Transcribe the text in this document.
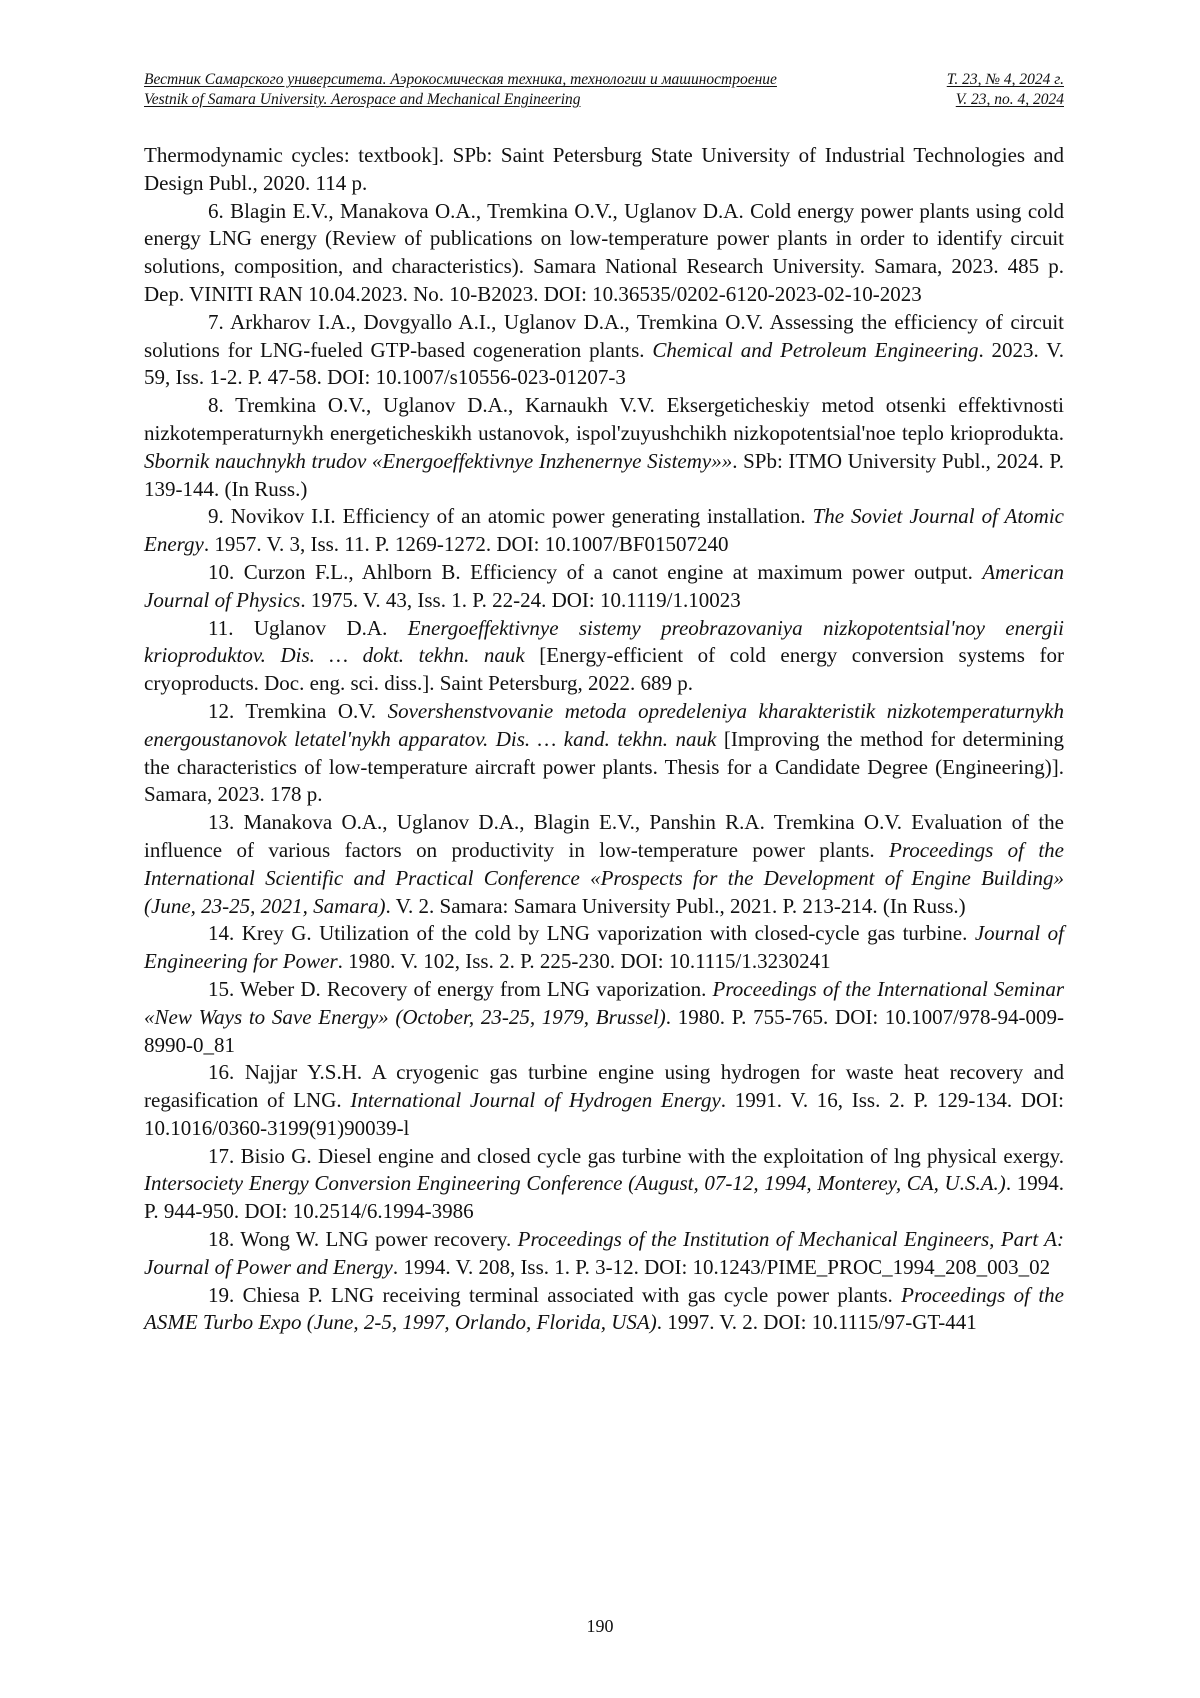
Вестник Самарского университета. Аэрокосмическая техника, технологии и машиностроение	Т. 23, № 4, 2024 г.
Vestnik of Samara University. Aerospace and Mechanical Engineering	V. 23, no. 4, 2024

Thermodynamic cycles: textbook]. SPb: Saint Petersburg State University of Industrial Technologies and Design Publ., 2020. 114 p.

6. Blagin E.V., Manakova O.A., Tremkina O.V., Uglanov D.A. Cold energy power plants using cold energy LNG energy (Review of publications on low-temperature power plants in order to identify circuit solutions, composition, and characteristics). Samara National Research University. Samara, 2023. 485 p. Dep. VINITI RAN 10.04.2023. No. 10-B2023. DOI: 10.36535/0202-6120-2023-02-10-2023

7. Arkharov I.A., Dovgyallo A.I., Uglanov D.A., Tremkina O.V. Assessing the efficiency of circuit solutions for LNG-fueled GTP-based cogeneration plants. Chemical and Petroleum Engineering. 2023. V. 59, Iss. 1-2. P. 47-58. DOI: 10.1007/s10556-023-01207-3

8. Tremkina O.V., Uglanov D.A., Karnaukh V.V. Eksergeticheskiy metod otsenki effektivnosti nizkotemperaturnykh energeticheskikh ustanovok, ispol'zuyushchikh nizkopotentsial'noe teplo krioprodukta. Sbornik nauchnykh trudov «Energoeffektivnye Inzhenernye Sistemy»». SPb: ITMO University Publ., 2024. P. 139-144. (In Russ.)

9. Novikov I.I. Efficiency of an atomic power generating installation. The Soviet Journal of Atomic Energy. 1957. V. 3, Iss. 11. P. 1269-1272. DOI: 10.1007/BF01507240

10. Curzon F.L., Ahlborn B. Efficiency of a canot engine at maximum power output. American Journal of Physics. 1975. V. 43, Iss. 1. P. 22-24. DOI: 10.1119/1.10023

11. Uglanov D.A. Energoeffektivnye sistemy preobrazovaniya nizkopotentsial'noy energii krioproduktov. Dis. … dokt. tekhn. nauk [Energy-efficient of cold energy conversion systems for cryoproducts. Doc. eng. sci. diss.]. Saint Petersburg, 2022. 689 p.

12. Tremkina O.V. Sovershenstvovanie metoda opredeleniya kharakteristik nizkotemperaturnykh energoustanovok letatel'nykh apparatov. Dis. … kand. tekhn. nauk [Improving the method for determining the characteristics of low-temperature aircraft power plants. Thesis for a Candidate Degree (Engineering)]. Samara, 2023. 178 p.

13. Manakova O.A., Uglanov D.A., Blagin E.V., Panshin R.A. Tremkina O.V. Evaluation of the influence of various factors on productivity in low-temperature power plants. Proceedings of the International Scientific and Practical Conference «Prospects for the Development of Engine Building» (June, 23-25, 2021, Samara). V. 2. Samara: Samara University Publ., 2021. P. 213-214. (In Russ.)

14. Krey G. Utilization of the cold by LNG vaporization with closed-cycle gas turbine. Journal of Engineering for Power. 1980. V. 102, Iss. 2. P. 225-230. DOI: 10.1115/1.3230241

15. Weber D. Recovery of energy from LNG vaporization. Proceedings of the International Seminar «New Ways to Save Energy» (October, 23-25, 1979, Brussel). 1980. P. 755-765. DOI: 10.1007/978-94-009-8990-0_81

16. Najjar Y.S.H. A cryogenic gas turbine engine using hydrogen for waste heat recovery and regasification of LNG. International Journal of Hydrogen Energy. 1991. V. 16, Iss. 2. P. 129-134. DOI: 10.1016/0360-3199(91)90039-l

17. Bisio G. Diesel engine and closed cycle gas turbine with the exploitation of lng physical exergy. Intersociety Energy Conversion Engineering Conference (August, 07-12, 1994, Monterey, CA, U.S.A.). 1994. P. 944-950. DOI: 10.2514/6.1994-3986

18. Wong W. LNG power recovery. Proceedings of the Institution of Mechanical Engineers, Part A: Journal of Power and Energy. 1994. V. 208, Iss. 1. P. 3-12. DOI: 10.1243/PIME_PROC_1994_208_003_02

19. Chiesa P. LNG receiving terminal associated with gas cycle power plants. Proceedings of the ASME Turbo Expo (June, 2-5, 1997, Orlando, Florida, USA). 1997. V. 2. DOI: 10.1115/97-GT-441

190
